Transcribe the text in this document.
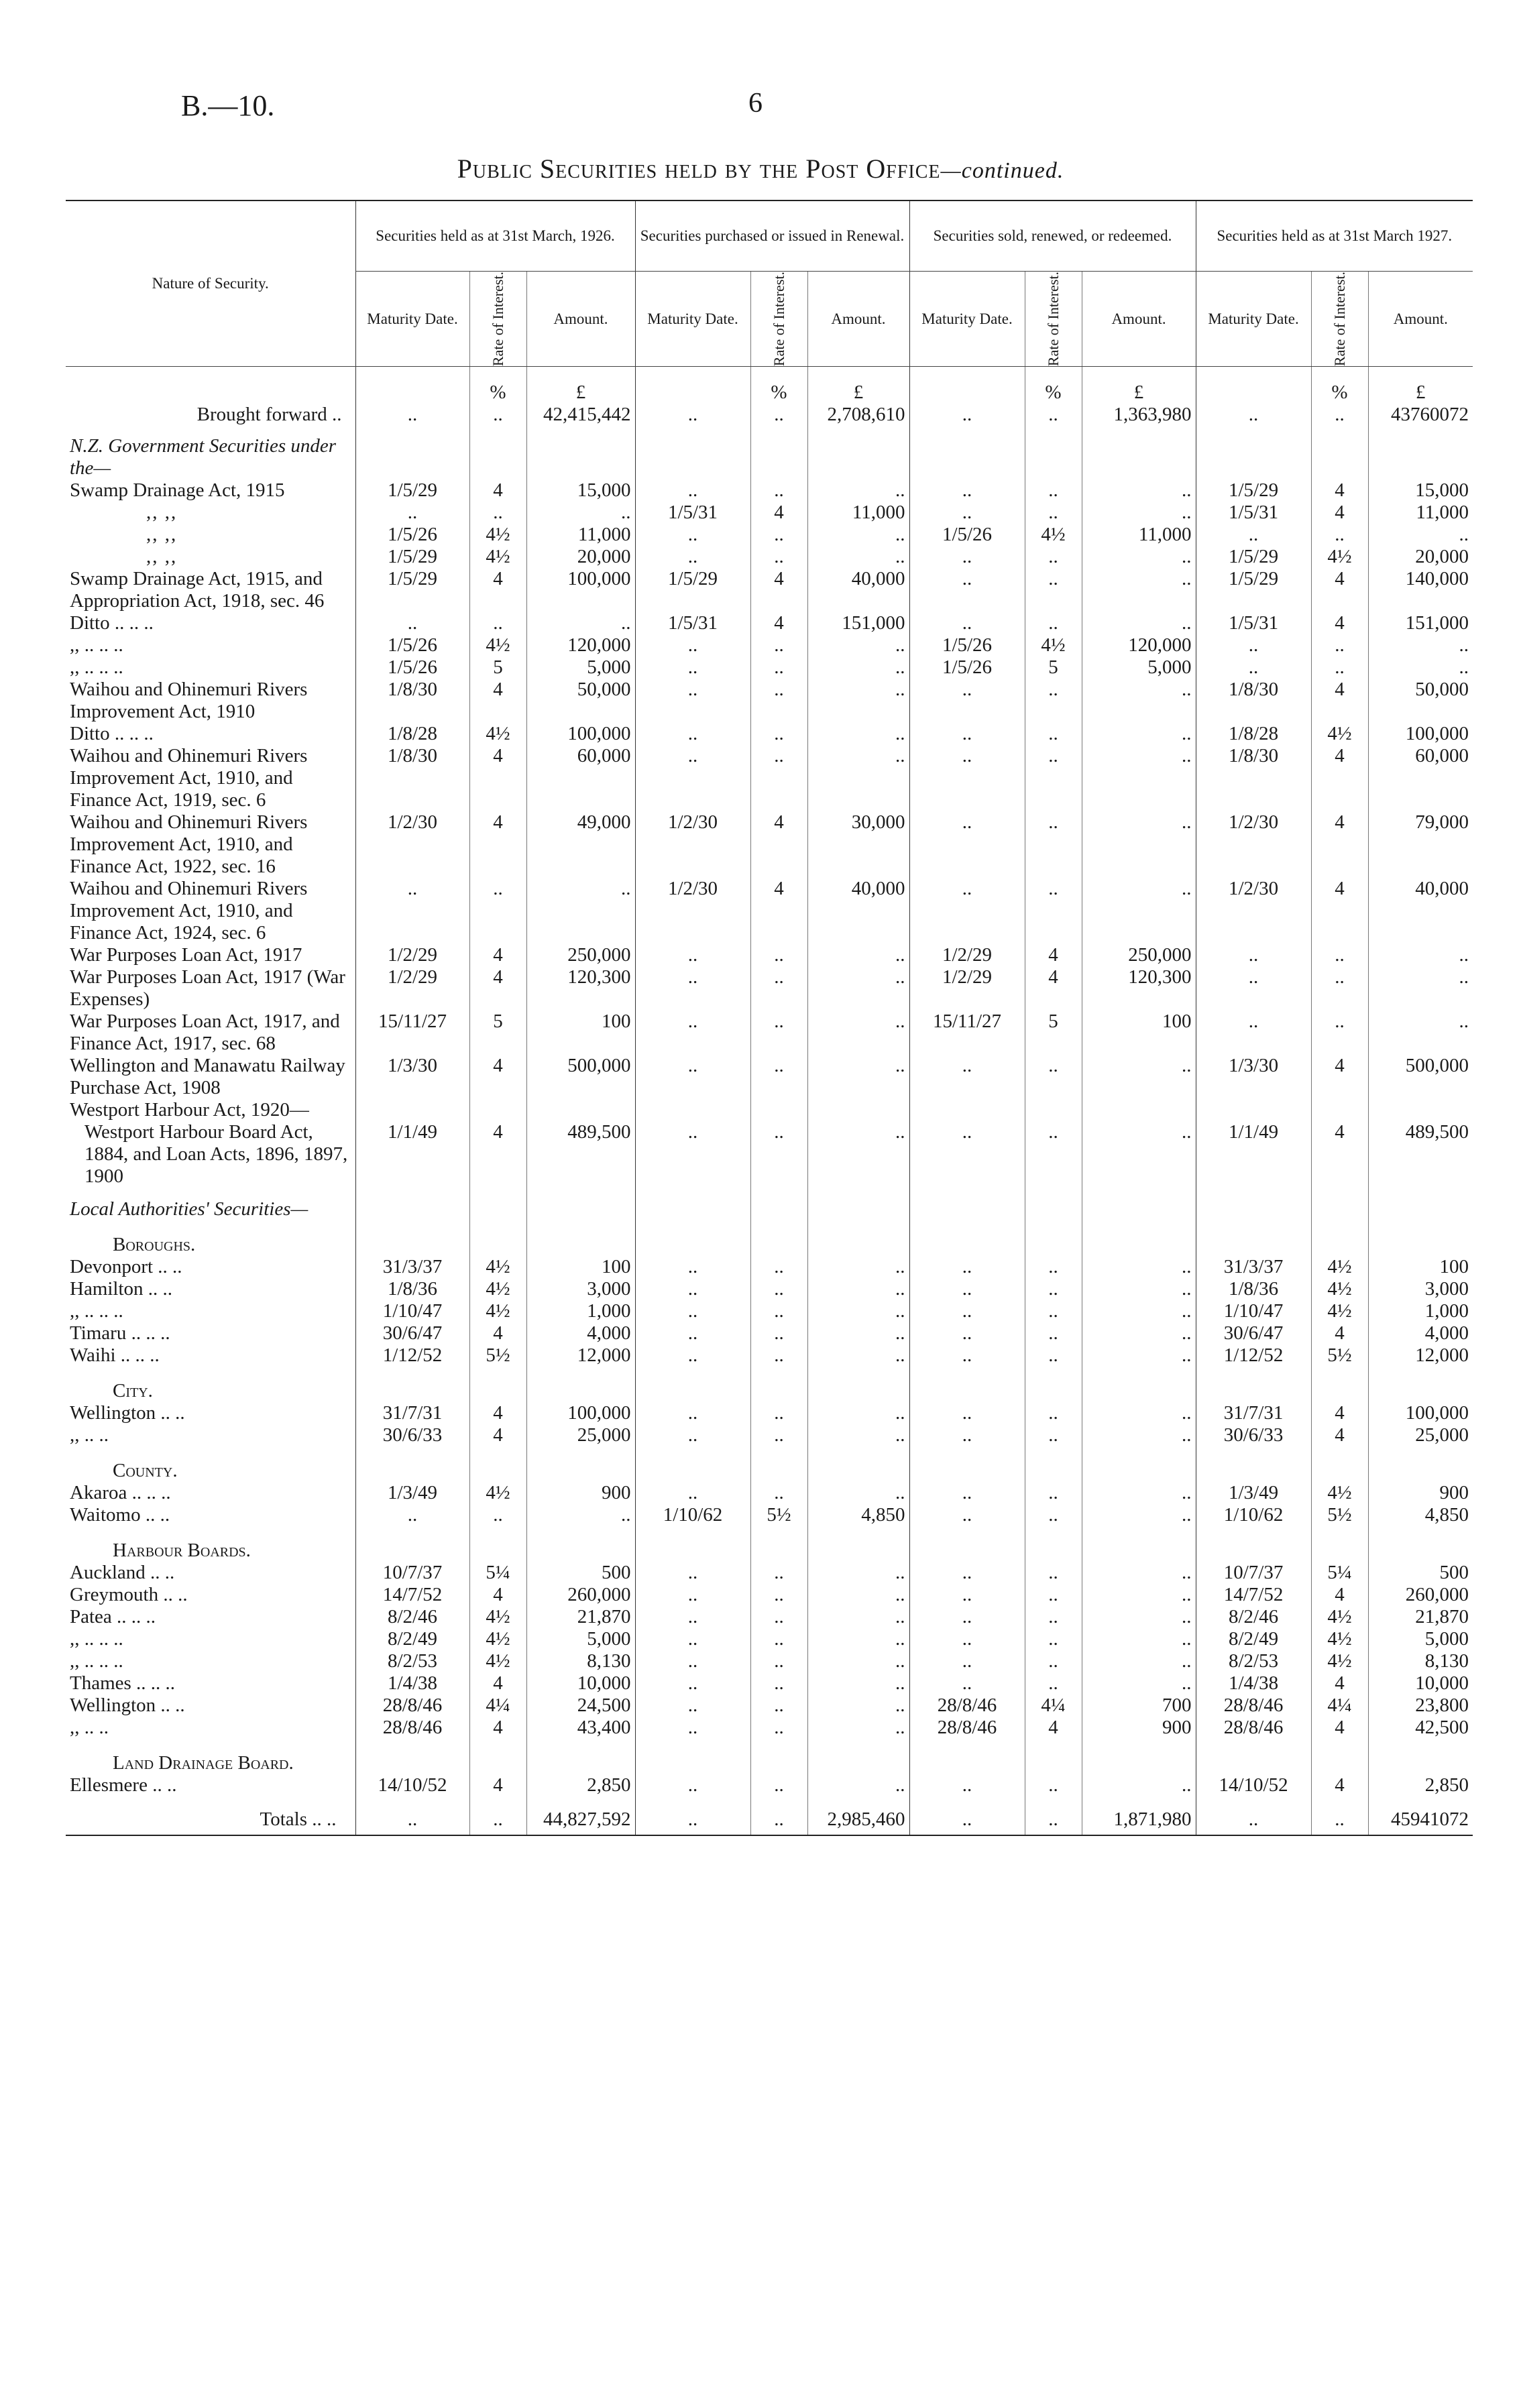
B.—10.	6
Public Securities held by the Post Office—continued.
Nature of Security.	Securities held as at 31st March, 1926.			Securities purchased or issued in Renewal.			Securities sold, renewed, or redeemed.			Securities held as at 31st March 1927.		
	Maturity Date.	Rate of Interest.	Amount.	Maturity Date.	Rate of Interest.	Amount.	Maturity Date.	Rate of Interest.	Amount.	Maturity Date.	Rate of Interest.	Amount.
		%	£		%	£		%	£		%	£
Brought forward ..	..	..	42,415,442	..	..	2,708,610	..	..	1,363,980	..	..	43760072
N.Z. Government Securities under the—												
Swamp Drainage Act, 1915	1/5/29	4	15,000	..	..	..	..	..	..	1/5/29	4	15,000
,, ,,	..	..	..	1/5/31	4	11,000	..	..	..	1/5/31	4	11,000
,, ,,	1/5/26	4½	11,000	..	..	..	1/5/26	4½	11,000	..	..	..
,, ,,	1/5/29	4½	20,000	..	..	..	..	..	..	1/5/29	4½	20,000
Swamp Drainage Act, 1915, and Appropriation Act, 1918, sec. 46	1/5/29	4	100,000	1/5/29	4	40,000	..	..	..	1/5/29	4	140,000
Ditto .. .. ..	..	..	..	1/5/31	4	151,000	..	..	..	1/5/31	4	151,000
,, .. .. ..	1/5/26	4½	120,000	..	..	..	1/5/26	4½	120,000	..	..	..
,, .. .. ..	1/5/26	5	5,000	..	..	..	1/5/26	5	5,000	..	..	..
Waihou and Ohinemuri Rivers Improvement Act, 1910	1/8/30	4	50,000	..	..	..	..	..	..	1/8/30	4	50,000
Ditto .. .. ..	1/8/28	4½	100,000	..	..	..	..	..	..	1/8/28	4½	100,000
Waihou and Ohinemuri Rivers Improvement Act, 1910, and Finance Act, 1919, sec. 6	1/8/30	4	60,000	..	..	..	..	..	..	1/8/30	4	60,000
Waihou and Ohinemuri Rivers Improvement Act, 1910, and Finance Act, 1922, sec. 16	1/2/30	4	49,000	1/2/30	4	30,000	..	..	..	1/2/30	4	79,000
Waihou and Ohinemuri Rivers Improvement Act, 1910, and Finance Act, 1924, sec. 6	..	..	..	1/2/30	4	40,000	..	..	..	1/2/30	4	40,000
War Purposes Loan Act, 1917	1/2/29	4	250,000	..	..	..	1/2/29	4	250,000	..	..	..
War Purposes Loan Act, 1917 (War Expenses)	1/2/29	4	120,300	..	..	..	1/2/29	4	120,300	..	..	..
War Purposes Loan Act, 1917, and Finance Act, 1917, sec. 68	15/11/27	5	100	..	..	..	15/11/27	5	100	..	..	..
Wellington and Manawatu Railway Purchase Act, 1908	1/3/30	4	500,000	..	..	..	..	..	..	1/3/30	4	500,000
Westport Harbour Act, 1920—												
Westport Harbour Board Act, 1884, and Loan Acts, 1896, 1897, 1900	1/1/49	4	489,500	..	..	..	..	..	..	1/1/49	4	489,500
Local Authorities' Securities—												
Boroughs.												
Devonport .. ..	31/3/37	4½	100	..	..	..	..	..	..	31/3/37	4½	100
Hamilton .. ..	1/8/36	4½	3,000	..	..	..	..	..	..	1/8/36	4½	3,000
,, .. .. ..	1/10/47	4½	1,000	..	..	..	..	..	..	1/10/47	4½	1,000
Timaru .. .. ..	30/6/47	4	4,000	..	..	..	..	..	..	30/6/47	4	4,000
Waihi .. .. ..	1/12/52	5½	12,000	..	..	..	..	..	..	1/12/52	5½	12,000
City.												
Wellington .. ..	31/7/31	4	100,000	..	..	..	..	..	..	31/7/31	4	100,000
,, .. ..	30/6/33	4	25,000	..	..	..	..	..	..	30/6/33	4	25,000
County.												
Akaroa .. .. ..	1/3/49	4½	900	..	..	..	..	..	..	1/3/49	4½	900
Waitomo .. ..	..	..	..	1/10/62	5½	4,850	..	..	..	1/10/62	5½	4,850
Harbour Boards.												
Auckland .. ..	10/7/37	5¼	500	..	..	..	..	..	..	10/7/37	5¼	500
Greymouth .. ..	14/7/52	4	260,000	..	..	..	..	..	..	14/7/52	4	260,000
Patea .. .. ..	8/2/46	4½	21,870	..	..	..	..	..	..	8/2/46	4½	21,870
,, .. .. ..	8/2/49	4½	5,000	..	..	..	..	..	..	8/2/49	4½	5,000
,, .. .. ..	8/2/53	4½	8,130	..	..	..	..	..	..	8/2/53	4½	8,130
Thames .. .. ..	1/4/38	4	10,000	..	..	..	..	..	..	1/4/38	4	10,000
Wellington .. ..	28/8/46	4¼	24,500	..	..	..	28/8/46	4¼	700	28/8/46	4¼	23,800
,, .. ..	28/8/46	4	43,400	..	..	..	28/8/46	4	900	28/8/46	4	42,500
Land Drainage Board.												
Ellesmere .. ..	14/10/52	4	2,850	..	..	..	..	..	..	14/10/52	4	2,850
Totals .. ..	..	..	44,827,592	..	..	2,985,460	..	..	1,871,980	..	..	45941072
